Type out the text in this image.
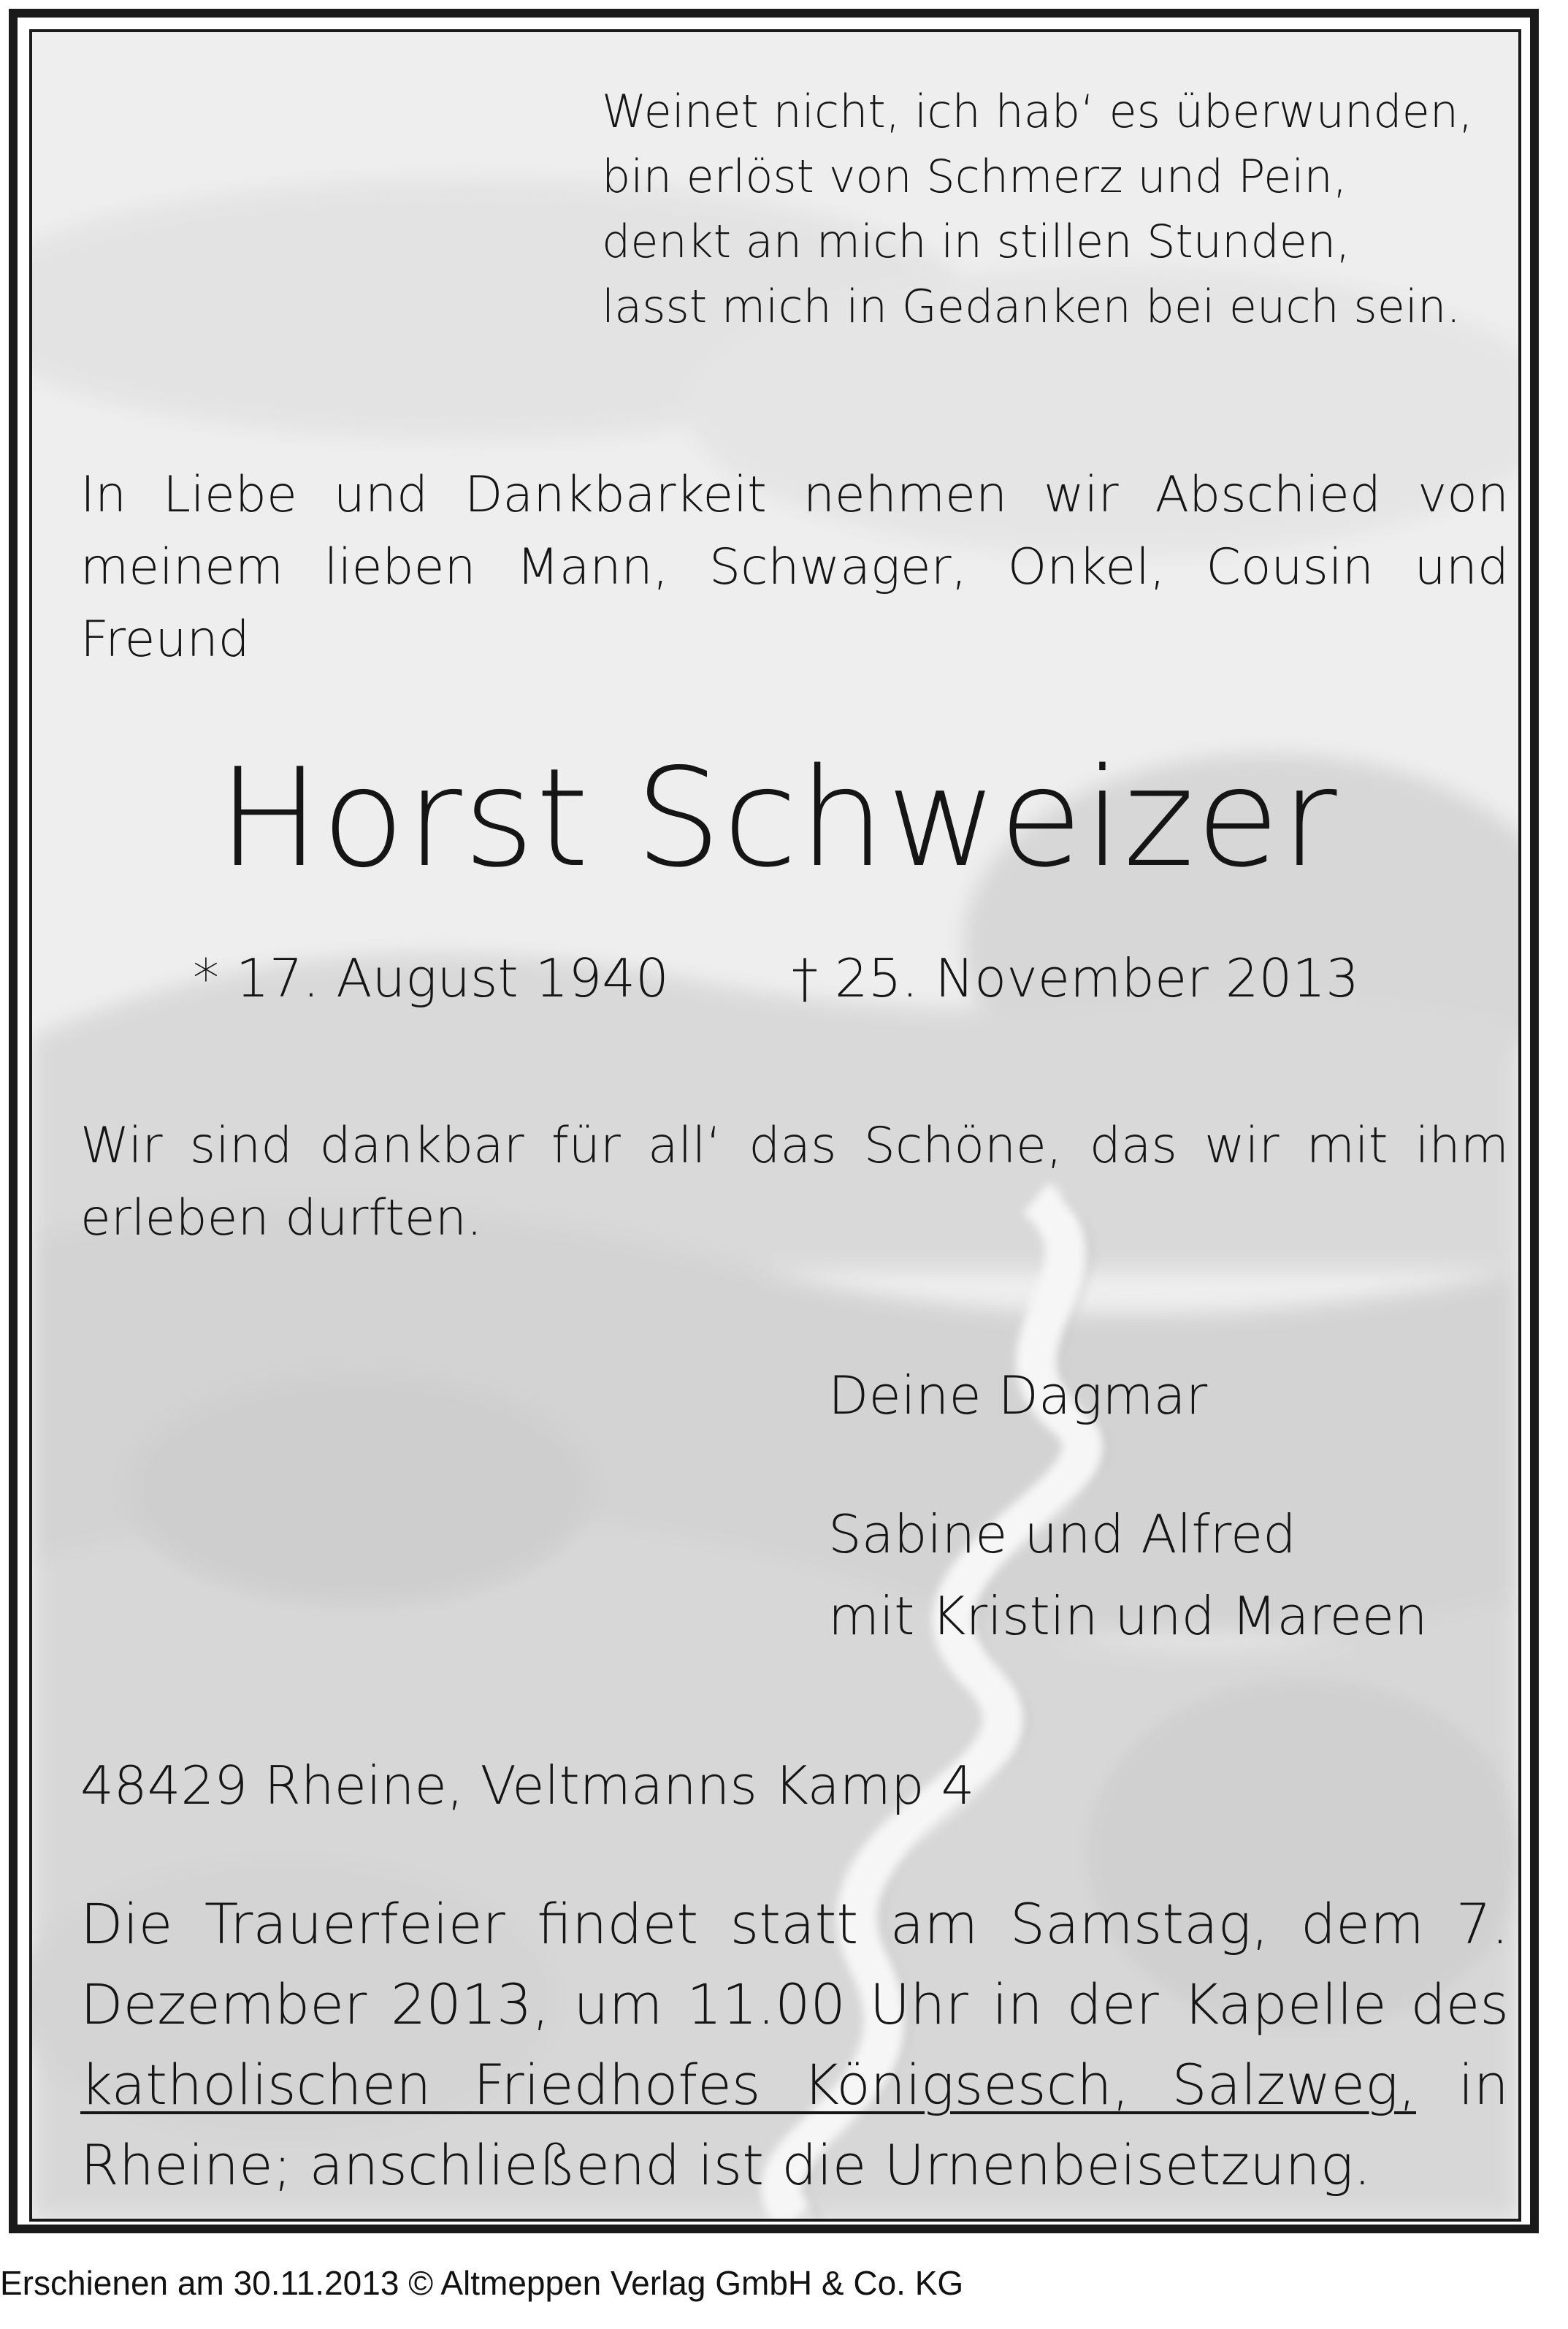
Weinet nicht, ich hab‘ es überwunden,
bin erlöst von Schmerz und Pein,
denkt an mich in stillen Stunden,
lasst mich in Gedanken bei euch sein.
In Liebe und Dankbarkeit nehmen wir Abschied von
meinem lieben Mann, Schwager, Onkel, Cousin und
Freund
Horst Schweizer
* 17. August 1940 † 25. November 2013
Wir sind dankbar für all‘ das Schöne, das wir mit ihm
erleben durften.
Deine Dagmar
Sabine und Alfred
mit Kristin und Mareen
48429 Rheine, Veltmanns Kamp 4
Die Trauerfeier findet statt am Samstag, dem 7.
Dezember 2013, um 11.00 Uhr in der Kapelle des
katholischen Friedhofes Königsesch, Salzweg, in
Rheine; anschließend ist die Urnenbeisetzung.
Erschienen am 30.11.2013 © Altmeppen Verlag GmbH & Co. KG
